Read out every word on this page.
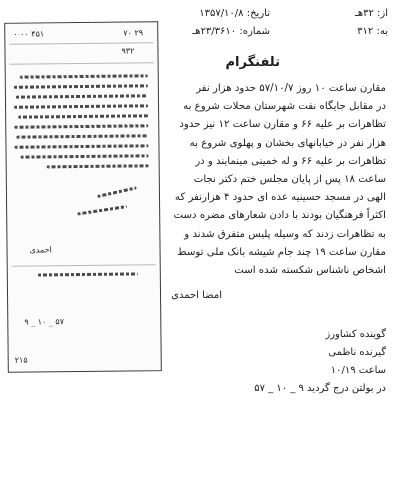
از: ۳۲هـ
تاریخ: ۱۳۵۷/۱۰/۸
به: ۳۱۲
شماره: ۲۳/۳۶۱۰هـ
تلفنگرام
۴۵۱ ۰۰ ۰	۲۹ ۷۰
۹۳۲
احمدی
۵۷ _ ۱۰ _ ۹
۲۱۵
مقارن ساعت ۱۰ روز ۵۷/۱۰/۷ حدود هزار نفر
در مقابل جایگاه نفت شهرستان محلات شروع به
تظاهرات بر علیه ۶۶ و مقارن ساعت ۱۲ نیز حدود
هزار نفر در خیابانهای بخشان و پهلوی شروع به
تظاهرات بر علیه ۶۶ و له خمینی مینمایند و در
ساعت ۱۸ پس از پایان مجلس ختم دکتر نجات
الهی در مسجد حسینیه عده ای حدود ۴ هزارنفر که
اکثراً فرهنگیان بودند با دادن شعارهای مضره دست
به تظاهرات زدند که وسیله پلیس متفرق شدند و
مقارن ساعت ۱۹ چند جام شیشه بانک ملی توسط
اشخاص ناشناس شکسته شده است
امضا احمدی
گوینده کشاورز
گیرنده ناظمی
ساعت ۱۰/۱۹
در بولتن درج گردید ۹ _ ۱۰ _ ۵۷
